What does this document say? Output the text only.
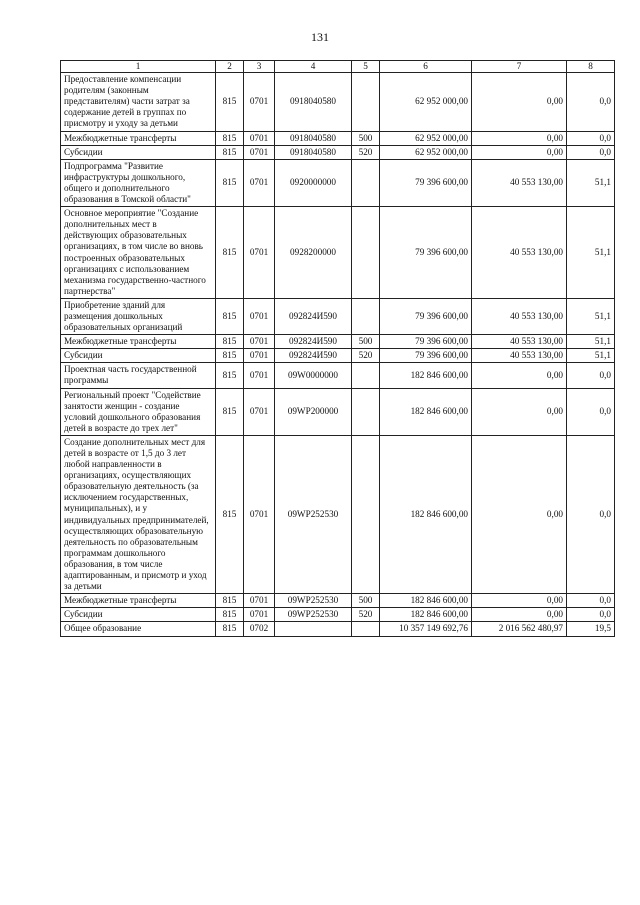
131
1	2	3	4	5	6	7	8
Предоставление компенсации родителям (законным представителям) части затрат за содержание детей в группах по присмотру и уходу за детьми	815	0701	0918040580		62 952 000,00	0,00	0,0
Межбюджетные трансферты	815	0701	0918040580	500	62 952 000,00	0,00	0,0
Субсидии	815	0701	0918040580	520	62 952 000,00	0,00	0,0
Подпрограмма "Развитие инфраструктуры дошкольного, общего и дополнительного образования в Томской области"	815	0701	0920000000		79 396 600,00	40 553 130,00	51,1
Основное мероприятие "Создание дополнительных мест в действующих образовательных организациях, в том числе во вновь построенных образовательных организациях с использованием механизма государственно-частного партнерства"	815	0701	0928200000		79 396 600,00	40 553 130,00	51,1
Приобретение зданий для размещения дошкольных образовательных организаций	815	0701	092824И590		79 396 600,00	40 553 130,00	51,1
Межбюджетные трансферты	815	0701	092824И590	500	79 396 600,00	40 553 130,00	51,1
Субсидии	815	0701	092824И590	520	79 396 600,00	40 553 130,00	51,1
Проектная часть государственной программы	815	0701	09W0000000		182 846 600,00	0,00	0,0
Региональный проект "Содействие занятости женщин - создание условий дошкольного образования детей в возрасте до трех лет"	815	0701	09WP200000		182 846 600,00	0,00	0,0
Создание дополнительных мест для детей в возрасте от 1,5 до 3 лет любой направленности в организациях, осуществляющих образовательную деятельность (за исключением государственных, муниципальных), и у индивидуальных предпринимателей, осуществляющих образовательную деятельность по образовательным программам дошкольного образования, в том числе адаптированным, и присмотр и уход за детьми	815	0701	09WP252530		182 846 600,00	0,00	0,0
Межбюджетные трансферты	815	0701	09WP252530	500	182 846 600,00	0,00	0,0
Субсидии	815	0701	09WP252530	520	182 846 600,00	0,00	0,0
Общее образование	815	0702			10 357 149 692,76	2 016 562 480,97	19,5
